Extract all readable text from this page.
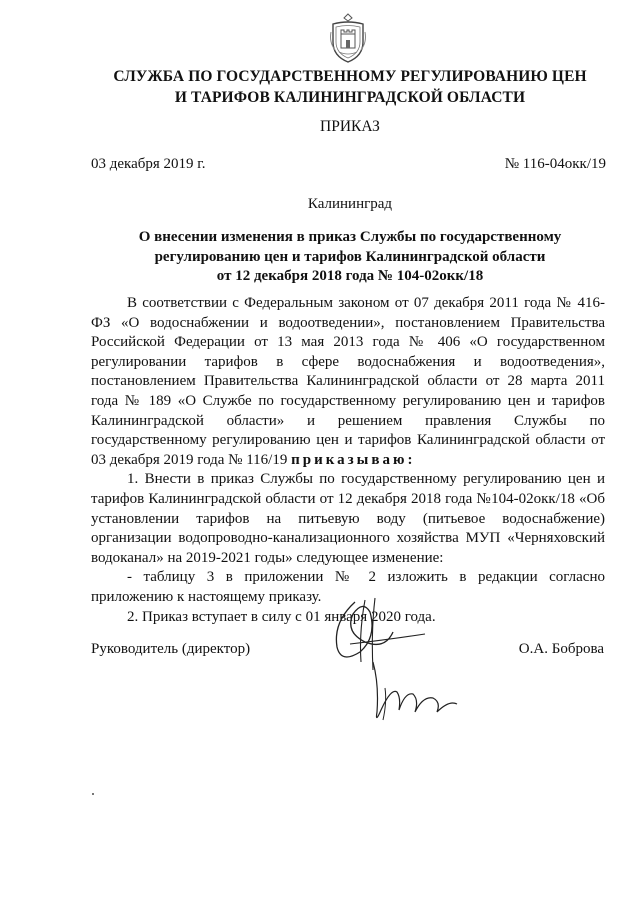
СЛУЖБА ПО ГОСУДАРСТВЕННОМУ РЕГУЛИРОВАНИЮ ЦЕН
И ТАРИФОВ КАЛИНИНГРАДСКОЙ ОБЛАСТИ
ПРИКАЗ
03 декабря 2019 г.	№ 116-04окк/19
Калининград
О внесении изменения в приказ Службы по государственному
регулированию цен и тарифов Калининградской области
от 12 декабря 2018 года № 104-02окк/18

В соответствии с Федеральным законом от 07 декабря 2011 года № 416-ФЗ «О водоснабжении и водоотведении», постановлением Правительства Российской Федерации от 13 мая 2013 года № 406 «О государственном регулировании тарифов в сфере водоснабжения и водоотведения», постановлением Правительства Калининградской области от 28 марта 2011 года № 189 «О Службе по государственному регулированию цен и тарифов Калининградской области» и решением правления Службы по государственному регулированию цен и тарифов Калининградской области от 03 декабря 2019 года № 116/19 приказываю:

1. Внести в приказ Службы по государственному регулированию цен и тарифов Калининградской области от 12 декабря 2018 года №104-02окк/18 «Об установлении тарифов на питьевую воду (питьевое водоснабжение) организации водопроводно-канализационного хозяйства МУП «Черняховский водоканал» на 2019-2021 годы» следующее изменение:

- таблицу 3 в приложении № 2 изложить в редакции согласно приложению к настоящему приказу.

2. Приказ вступает в силу с 01 января 2020 года.

Руководитель (директор)	О.А. Боброва
